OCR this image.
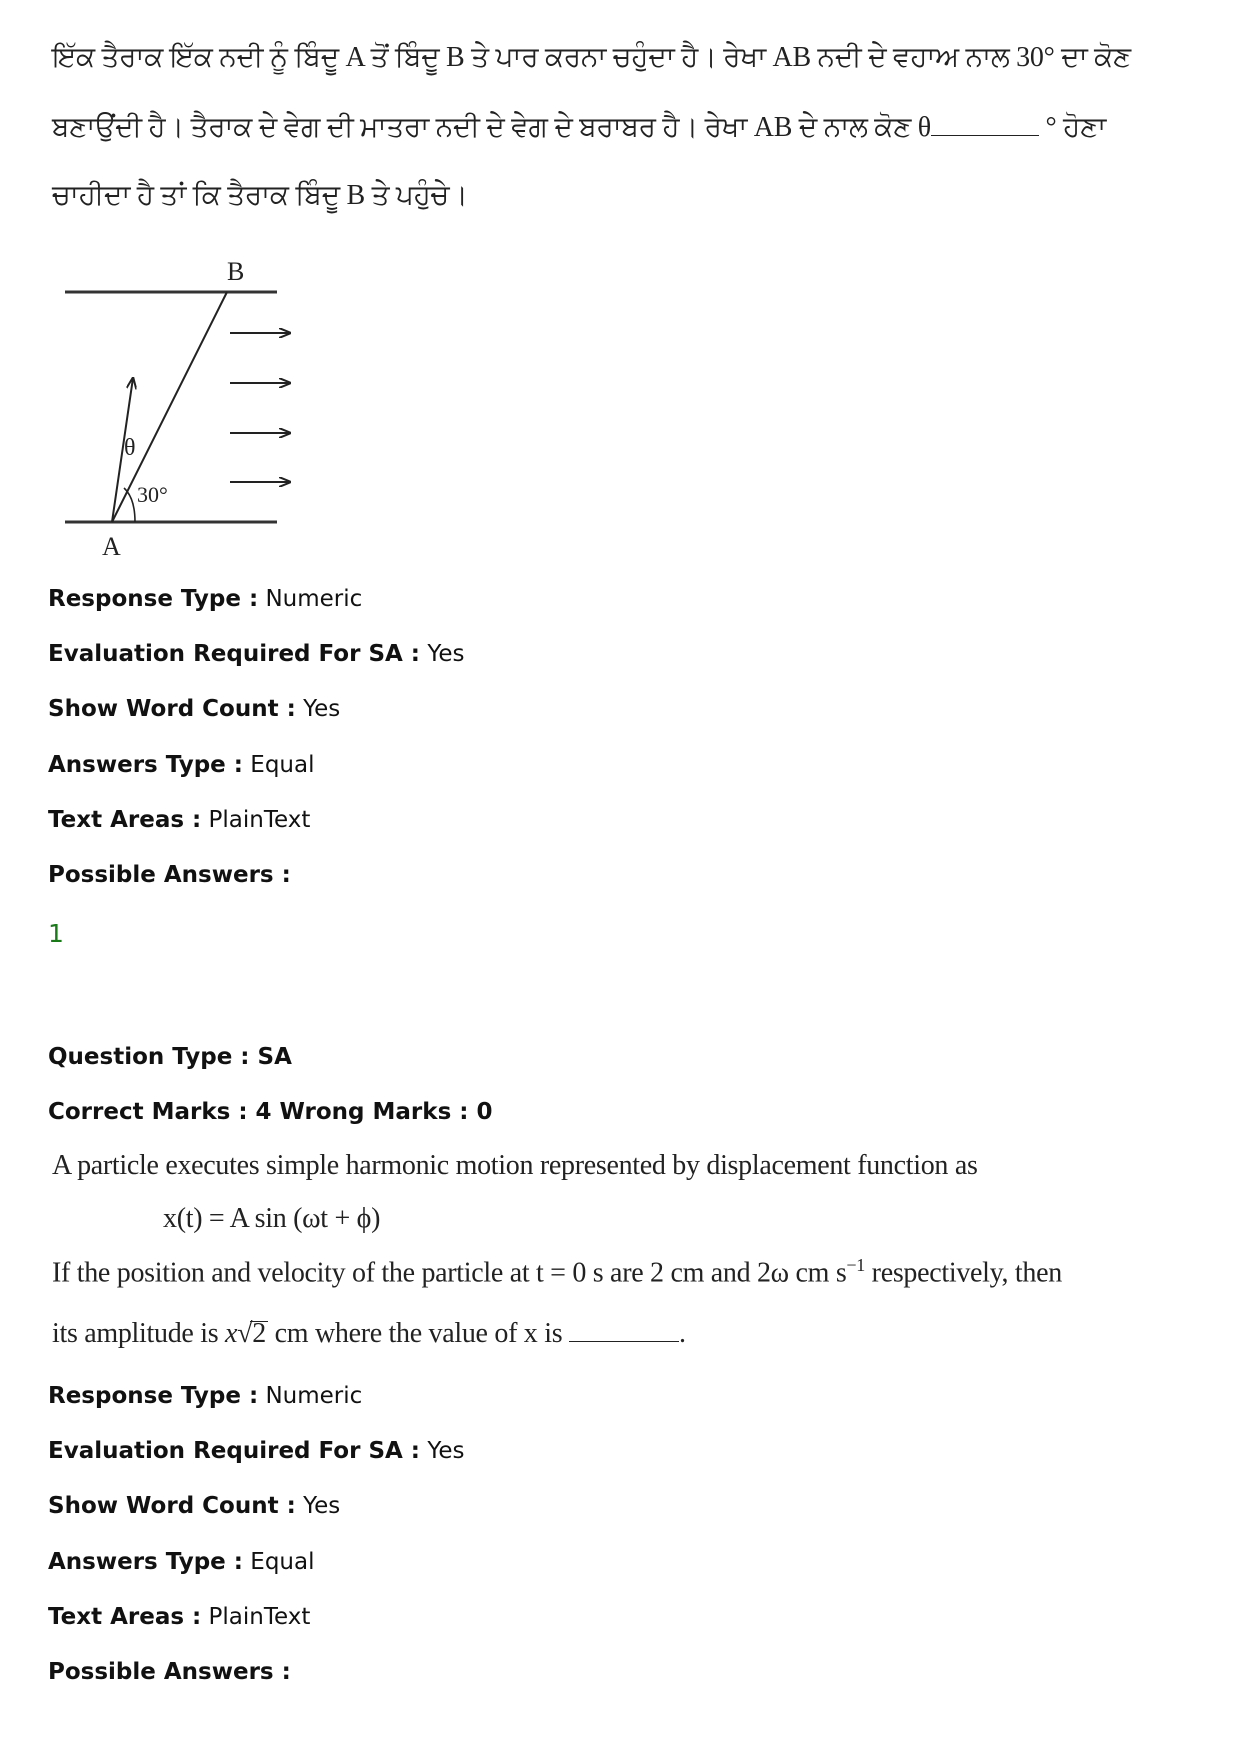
ਇੱਕ ਤੈਰਾਕ ਇੱਕ ਨਦੀ ਨੂੰ ਬਿੰਦੂ A ਤੋਂ ਬਿੰਦੂ B ਤੇ ਪਾਰ ਕਰਨਾ ਚਹੁੰਦਾ ਹੈ। ਰੇਖਾ AB ਨਦੀ ਦੇ ਵਹਾਅ ਨਾਲ 30° ਦਾ ਕੋਣ
ਬਣਾਉਂਦੀ ਹੈ। ਤੈਰਾਕ ਦੇ ਵੇਗ ਦੀ ਮਾਤਰਾ ਨਦੀ ਦੇ ਵੇਗ ਦੇ ਬਰਾਬਰ ਹੈ। ਰੇਖਾ AB ਦੇ ਨਾਲ ਕੋਣ θ	° ਹੋਣਾ
ਚਾਹੀਦਾ ਹੈ ਤਾਂ ਕਿ ਤੈਰਾਕ ਬਿੰਦੂ B ਤੇ ਪਹੁੰਚੇ।
B
A
θ
30°
Response Type : Numeric
Evaluation Required For SA : Yes
Show Word Count : Yes
Answers Type : Equal
Text Areas : PlainText
Possible Answers :
1
Question Type : SA
Correct Marks : 4 Wrong Marks : 0
A particle executes simple harmonic motion represented by displacement function as
x(t) = A sin (ωt + ϕ)
If the position and velocity of the particle at t = 0 s are 2 cm and 2ω cm $s^{-1}$ respectively, then
its amplitude is x√2 cm where the value of x is	.
Response Type : Numeric
Evaluation Required For SA : Yes
Show Word Count : Yes
Answers Type : Equal
Text Areas : PlainText
Possible Answers :
